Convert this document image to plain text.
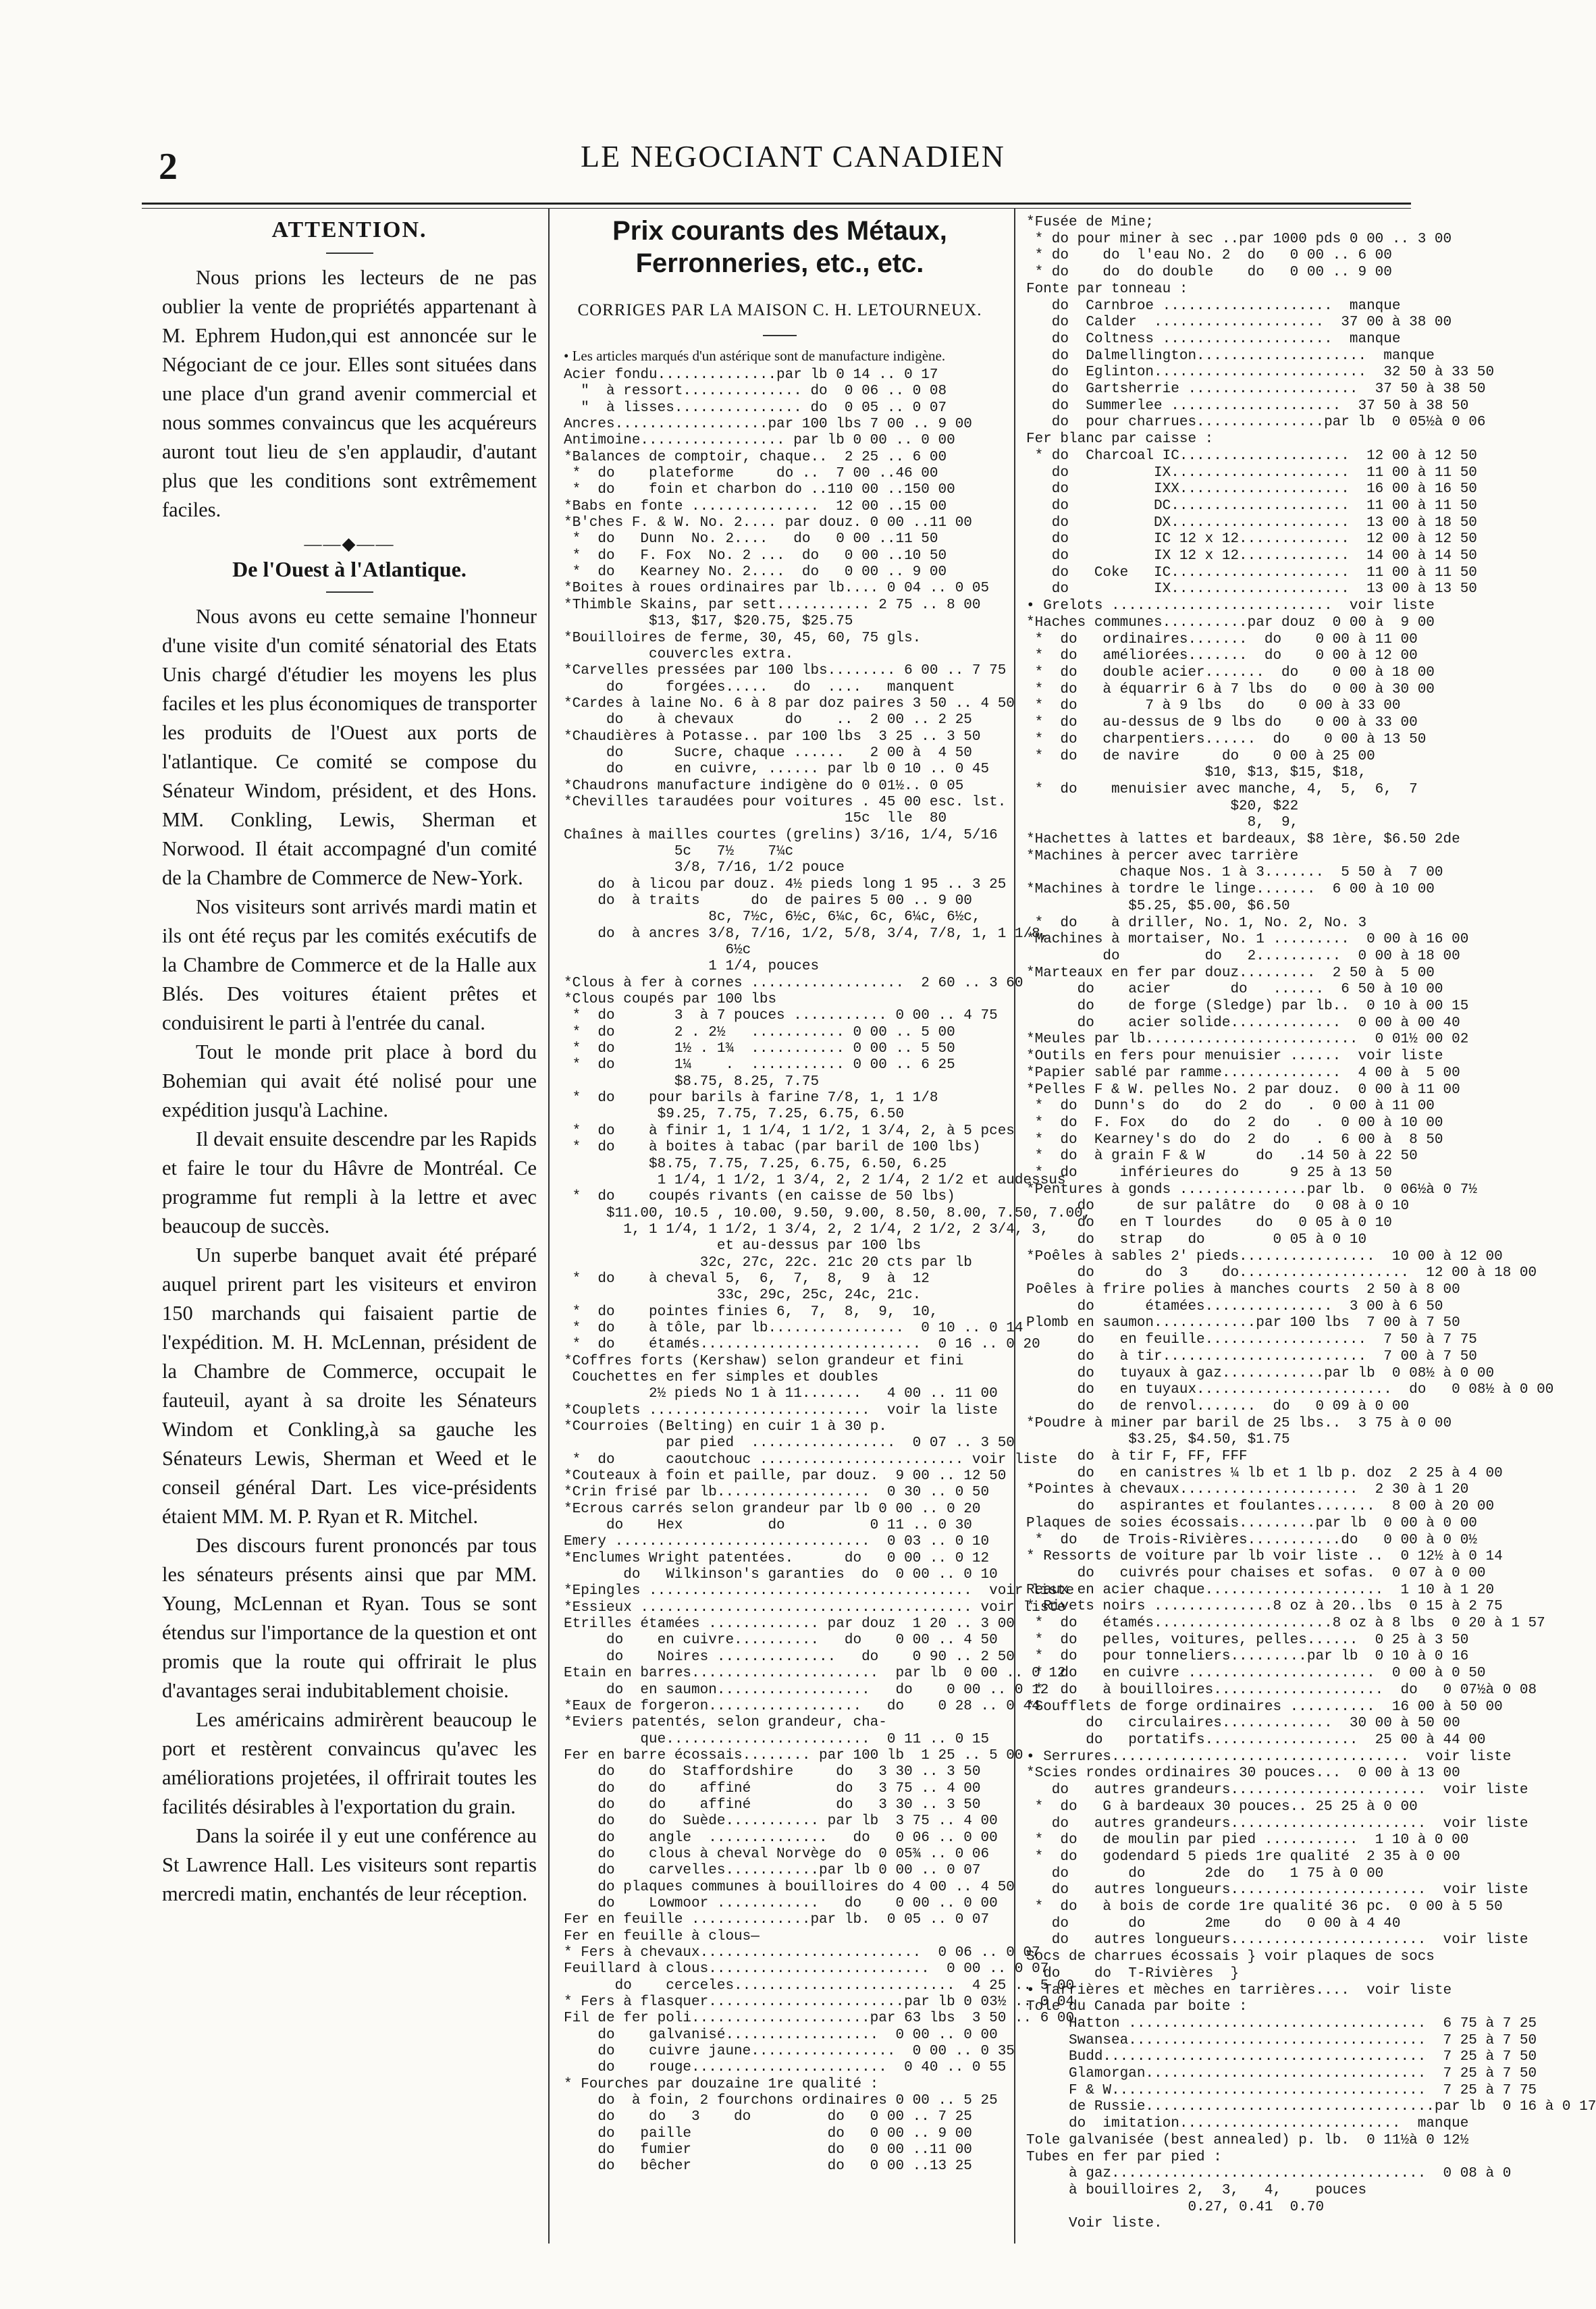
2	LE NEGOCIANT CANADIEN
ATTENTION.

Nous prions les lecteurs de ne pas oublier la vente de propriétés appartenant à M. Ephrem Hudon,qui est annoncée sur le Négociant de ce jour. Elles sont situées dans une place d'un grand avenir commercial et nous sommes convaincus que les acquéreurs auront tout lieu de s'en applaudir, d'autant plus que les conditions sont extrêmement faciles.

——◆——
De l'Ouest à l'Atlantique.

Nous avons eu cette semaine l'honneur d'une visite d'un comité sénatorial des Etats Unis chargé d'étudier les moyens les plus faciles et les plus économiques de transporter les produits de l'Ouest aux ports de l'atlantique. Ce comité se compose du Sénateur Windom, président, et des Hons. MM. Conkling, Lewis, Sherman et Norwood. Il était accompagné d'un comité de la Chambre de Commerce de New-York.

Nos visiteurs sont arrivés mardi matin et ils ont été reçus par les comités exécutifs de la Chambre de Commerce et de la Halle aux Blés. Des voitures étaient prêtes et conduisirent le parti à l'entrée du canal.

Tout le monde prit place à bord du Bohemian qui avait été nolisé pour une expédition jusqu'à Lachine.

Il devait ensuite descendre par les Rapids et faire le tour du Hâvre de Montréal. Ce programme fut rempli à la lettre et avec beaucoup de succès.

Un superbe banquet avait été préparé auquel prirent part les visiteurs et environ 150 marchands qui faisaient partie de l'expédition. M. H. McLennan, président de la Chambre de Commerce, occupait le fauteuil, ayant à sa droite les Sénateurs Windom et Conkling,à sa gauche les Sénateurs Lewis, Sherman et Weed et le conseil général Dart. Les vice-présidents étaient MM. M. P. Ryan et R. Mitchel.

Des discours furent prononcés par tous les sénateurs présents ainsi que par MM. Young, McLennan et Ryan. Tous se sont étendus sur l'importance de la question et ont promis que la route qui offrirait le plus d'avantages serai indubitablement choisie.

Les américains admirèrent beaucoup le port et restèrent convaincus qu'avec les améliorations projetées, il offrirait toutes les facilités désirables à l'exportation du grain.

Dans la soirée il y eut une conférence au St Lawrence Hall. Les visiteurs sont repartis mercredi matin, enchantés de leur réception.

Prix courants des Métaux, Ferronneries, etc., etc.
CORRIGES PAR LA MAISON C. H. LETOURNEUX.
• Les articles marqués d'un astérique sont de manufacture indigène.
Acier fondu..............par lb 0 14 .. 0 17
"  à ressort.............. do  0 06 .. 0 08
"  à lisses............... do  0 05 .. 0 07
Ancres..................par 100 lbs 7 00 .. 9 00
Antimoine................. par lb 0 00 .. 0 00
*Balances de comptoir, chaque..  2 25 .. 6 00
*  do    plateforme     do ..  7 00 ..46 00
*  do    foin et charbon do ..110 00 ..150 00
*Babs en fonte ...............  12 00 ..15 00
*B'ches F. & W. No. 2.... par douz. 0 00 ..11 00
*  do   Dunn  No. 2....   do   0 00 ..11 50
*  do   F. Fox  No. 2 ...  do   0 00 ..10 50
*  do   Kearney No. 2....  do   0 00 .. 9 00
*Boites à roues ordinaires par lb.... 0 04 .. 0 05
*Thimble Skains, par sett........... 2 75 .. 8 00
$13, $17, $20.75, $25.75
*Bouilloires de ferme, 30, 45, 60, 75 gls.
couvercles extra.
*Carvelles pressées par 100 lbs........ 6 00 .. 7 75
do     forgées.....   do  ....   manquent
*Cardes à laine No. 6 à 8 par doz paires 3 50 .. 4 50
do    à chevaux      do    ..  2 00 .. 2 25
*Chaudières à Potasse.. par 100 lbs  3 25 .. 3 50
do      Sucre, chaque ......   2 00 à  4 50
do      en cuivre, ...... par lb 0 10 .. 0 45
*Chaudrons manufacture indigène do 0 01½.. 0 05
*Chevilles taraudées pour voitures . 45 00 esc. lst.
15c  lle  80
Chaînes à mailles courtes (grelins) 3/16, 1/4, 5/16
5c   7½    7¼c
3/8, 7/16, 1/2 pouce
do  à licou par douz. 4½ pieds long 1 95 .. 3 25
do  à traits      do  de paires 5 00 .. 9 00
8c, 7½c, 6½c, 6¼c, 6c, 6¼c, 6½c,
do  à ancres 3/8, 7/16, 1/2, 5/8, 3/4, 7/8, 1, 1 1/8,
6½c
1 1/4, pouces
*Clous à fer à cornes ..................  2 60 .. 3 60
*Clous coupés par 100 lbs
*  do       3  à 7 pouces ........... 0 00 .. 4 75
*  do       2 . 2½   ........... 0 00 .. 5 00
*  do       1½ . 1¾  ........... 0 00 .. 5 50
*  do       1¼    .  ........... 0 00 .. 6 25
$8.75, 8.25, 7.75
*  do    pour barils à farine 7/8, 1, 1 1/8
$9.25, 7.75, 7.25, 6.75, 6.50
*  do    à finir 1, 1 1/4, 1 1/2, 1 3/4, 2, à 5 pces
*  do    à boites à tabac (par baril de 100 lbs)
$8.75, 7.75, 7.25, 6.75, 6.50, 6.25
1 1/4, 1 1/2, 1 3/4, 2, 2 1/4, 2 1/2 et audessus
*  do    coupés rivants (en caisse de 50 lbs)
$11.00, 10.5 , 10.00, 9.50, 9.00, 8.50, 8.00, 7.50, 7.00,
1, 1 1/4, 1 1/2, 1 3/4, 2, 2 1/4, 2 1/2, 2 3/4, 3,
et au-dessus par 100 lbs
32c, 27c, 22c. 21c 20 cts par lb
*  do    à cheval 5,  6,  7,  8,  9  à  12
33c, 29c, 25c, 24c, 21c.
*  do    pointes finies 6,  7,  8,  9,  10,
*  do    à tôle, par lb................  0 10 .. 0 14
*  do    étamés..........................  0 16 .. 0 20
*Coffres forts (Kershaw) selon grandeur et fini
Couchettes en fer simples et doubles
2½ pieds No 1 à 11.......   4 00 .. 11 00
*Couplets ..........................  voir la liste
*Courroies (Belting) en cuir 1 à 30 p.
par pied  .................  0 07 .. 3 50
*  do      caoutchouc ........................ voir liste
*Couteaux à foin et paille, par douz.  9 00 .. 12 50
*Crin frisé par lb..................  0 30 .. 0 50
*Ecrous carrés selon grandeur par lb 0 00 .. 0 20
do    Hex          do          0 11 .. 0 30
Emery ..............................  0 03 .. 0 10
*Enclumes Wright patentées.      do   0 00 .. 0 12
do   Wilkinson's garanties  do  0 00 .. 0 10
*Epingles ......................................  voir liste
*Essieux ....................................... voir liste
Etrilles étamées ............. par douz  1 20 .. 3 00
do    en cuivre..........   do    0 00 .. 4 50
do    Noires ..............   do    0 90 .. 2 50
Etain en barres......................  par lb  0 00 .. 0 12
do  en saumon..................   do    0 00 .. 0 12
*Eaux de forgeron..................   do    0 28 .. 0 44
*Eviers patentés, selon grandeur, cha-
que........................  0 11 .. 0 15
Fer en barre écossais........ par 100 lb  1 25 .. 5 00
do    do  Staffordshire     do   3 30 .. 3 50
do    do    affiné          do   3 75 .. 4 00
do    do    affiné          do   3 30 .. 3 50
do    do  Suède........... par lb  3 75 .. 4 00
do    angle  ..............   do   0 06 .. 0 00
do    clous à cheval Norvège do  0 05¾ .. 0 06
do    carvelles...........par lb 0 00 .. 0 07
do plaques communes à bouilloires do 4 00 .. 4 50
do    Lowmoor ............   do    0 00 .. 0 00
Fer en feuille ..............par lb.  0 05 .. 0 07
Fer en feuille à clous—
* Fers à chevaux..........................  0 06 .. 0 07
Feuillard à clous..........................  0 00 .. 0 07
do    cerceles..........................  4 25 .. 5 00
* Fers à flasquer.......................par lb 0 03½ .. 0 04
Fil de fer poli.....................par 63 lbs  3 50 .. 6 00
do    galvanisé..................  0 00 .. 0 00
do    cuivre jaune.................  0 00 .. 0 35
do    rouge.......................  0 40 .. 0 55
* Fourches par douzaine 1re qualité :
do  à foin, 2 fourchons ordinaires 0 00 .. 5 25
do    do   3    do         do   0 00 .. 7 25
do   paille                do   0 00 .. 9 00
do   fumier                do   0 00 ..11 00
do   bêcher                do   0 00 ..13 25
*Fusée de Mine;
* do pour miner à sec ..par 1000 pds 0 00 .. 3 00
* do    do  l'eau No. 2  do   0 00 .. 6 00
* do    do  do double    do   0 00 .. 9 00
Fonte par tonneau :
do  Carnbroe ....................  manque
do  Calder  ....................  37 00 à 38 00
do  Coltness ....................  manque
do  Dalmellington....................  manque
do  Eglinton.........................  32 50 à 33 50
do  Gartsherrie ....................  37 50 à 38 50
do  Summerlee ....................  37 50 à 38 50
do  pour charrues...............par lb  0 05½à 0 06
Fer blanc par caisse :
* do  Charcoal IC....................  12 00 à 12 50
do          IX.....................  11 00 à 11 50
do          IXX....................  16 00 à 16 50
do          DC.....................  11 00 à 11 50
do          DX.....................  13 00 à 18 50
do          IC 12 x 12.............  12 00 à 12 50
do          IX 12 x 12.............  14 00 à 14 50
do   Coke   IC.....................  11 00 à 11 50
do          IX.....................  13 00 à 13 50
• Grelots ..........................  voir liste
*Haches communes..........par douz  0 00 à  9 00
*  do   ordinaires.......  do    0 00 à 11 00
*  do   améliorées.......  do    0 00 à 12 00
*  do   double acier.......  do    0 00 à 18 00
*  do   à équarrir 6 à 7 lbs  do   0 00 à 30 00
*  do        7 à 9 lbs   do    0 00 à 33 00
*  do   au-dessus de 9 lbs do    0 00 à 33 00
*  do   charpentiers......  do    0 00 à 13 50
*  do   de navire     do    0 00 à 25 00
$10, $13, $15, $18,
*  do    menuisier avec manche, 4,  5,  6,  7
$20, $22
8,  9,
*Hachettes à lattes et bardeaux, $8 1ère, $6.50 2de
*Machines à percer avec tarrière
chaque Nos. 1 à 3.......  5 50 à  7 00
*Machines à tordre le linge.......  6 00 à 10 00
$5.25, $5.00, $6.50
*  do    à driller, No. 1, No. 2, No. 3
*Machines à mortaiser, No. 1 .........  0 00 à 16 00
do          do   2..........  0 00 à 18 00
*Marteaux en fer par douz.........  2 50 à  5 00
do    acier       do   ......  6 50 à 10 00
do    de forge (Sledge) par lb..  0 10 à 00 15
do    acier solide.............  0 00 à 00 40
*Meules par lb.........................  0 01½ 00 02
*Outils en fers pour menuisier ......  voir liste
*Papier sablé par ramme..............  4 00 à  5 00
*Pelles F & W. pelles No. 2 par douz.  0 00 à 11 00
*  do  Dunn's  do   do  2  do   .  0 00 à 11 00
*  do  F. Fox   do   do  2  do   .  0 00 à 10 00
*  do  Kearney's do  do  2  do   .  6 00 à  8 50
*  do  à grain F & W      do   .14 50 à 22 50
*  do     inférieures do      9 25 à 13 50
*Pentures à gonds ...............par lb.  0 06½à 0 7½
do     de sur palâtre  do   0 08 à 0 10
do   en T lourdes    do   0 05 à 0 10
do   strap   do        0 05 à 0 10
*Poêles à sables 2' pieds................  10 00 à 12 00
do      do  3    do....................  12 00 à 18 00
Poêles à frire polies à manches courts  2 50 à 8 00
do      étamées...............  3 00 à 6 50
Plomb en saumon............par 100 lbs  7 00 à 7 50
do   en feuille...................  7 50 à 7 75
do   à tir........................  7 00 à 7 50
do   tuyaux à gaz............par lb  0 08½ à 0 00
do   en tuyaux.......................  do   0 08½ à 0 00
do   de renvol.......  do   0 09 à 0 00
*Poudre à miner par baril de 25 lbs..  3 75 à 0 00
$3.25, $4.50, $1.75
do  à tir F, FF, FFF
do   en canistres ¼ lb et 1 lb p. doz  2 25 à 4 00
*Pointes à chevaux.....................  2 30 à 1 20
do   aspirantes et foulantes.......  8 00 à 20 00
Plaques de soies écossais.........par lb  0 00 à 0 00
*  do   de Trois-Rivières...........do   0 00 à 0 0½
* Ressorts de voiture par lb voir liste ..  0 12½ à 0 14
do   cuivrés pour chaises et sofas.  0 07 à 0 00
Reaux en acier chaque.....................  1 10 à 1 20
* Rivets noirs ..............8 oz à 20..lbs  0 15 à 2 75
*  do   étamés.....................8 oz à 8 lbs  0 20 à 1 57
*  do   pelles, voitures, pelles......  0 25 à 3 50
*  do   pour tonneliers.........par lb  0 10 à 0 16
*  do   en cuivre ......................  0 00 à 0 50
*  do   à bouilloires....................  do   0 07½à 0 08
*Soufflets de forge ordinaires ..........  16 00 à 50 00
do   circulaires.............  30 00 à 50 00
do   portatifs..................  25 00 à 44 00
• Serrures...................................  voir liste
*Scies rondes ordinaires 30 pouces...  0 00 à 13 00
do   autres grandeurs.......................  voir liste
*  do   G à bardeaux 30 pouces.. 25 25 à 0 00
do   autres grandeurs.......................  voir liste
*  do   de moulin par pied ...........  1 10 à 0 00
*  do   godendard 5 pieds 1re qualité  2 35 à 0 00
do       do       2de  do   1 75 à 0 00
do   autres longueurs.......................  voir liste
*  do   à bois de corde 1re qualité 36 pc.  0 00 à 5 50
do       do       2me    do   0 00 à 4 40
do   autres longueurs.......................  voir liste
Socs de charrues écossais } voir plaques de socs
do    do  T-Rivières  }
• Tarrières et mèches en tarrières....  voir liste
Tole du Canada par boite :
Hatton ...................................  6 75 à 7 25
Swansea...................................  7 25 à 7 50
Budd......................................  7 25 à 7 50
Glamorgan.................................  7 25 à 7 50
F & W.....................................  7 25 à 7 75
de Russie..................................par lb  0 16 à 0 17
do  imitation..........................  manque
Tole galvanisée (best annealed) p. lb.  0 11½à 0 12½
Tubes en fer par pied :
à gaz.....................................  0 08 à 0
à bouilloires 2,  3,   4,    pouces
0.27, 0.41  0.70
Voir liste.
